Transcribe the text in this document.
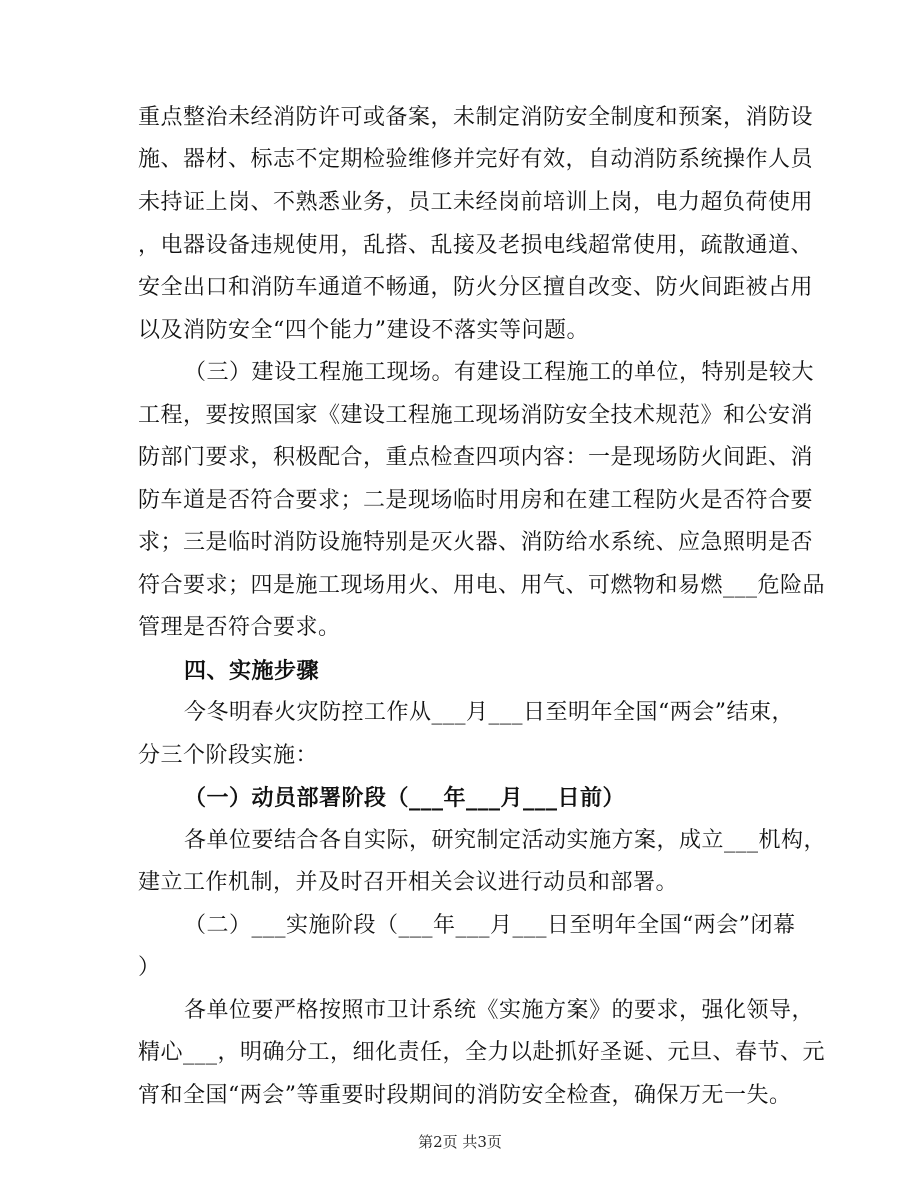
重点整治未经消防许可或备案，未制定消防安全制度和预案，消防设
施、器材、标志不定期检验维修并完好有效，自动消防系统操作人员
未持证上岗、不熟悉业务，员工未经岗前培训上岗，电力超负荷使用
，电器设备违规使用，乱搭、乱接及老损电线超常使用，疏散通道、
安全出口和消防车通道不畅通，防火分区擅自改变、防火间距被占用
以及消防安全“四个能力”建设不落实等问题。
（三）建设工程施工现场。有建设工程施工的单位，特别是较大
工程，要按照国家《建设工程施工现场消防安全技术规范》和公安消
防部门要求，积极配合，重点检查四项内容：一是现场防火间距、消
防车道是否符合要求；二是现场临时用房和在建工程防火是否符合要
求；三是临时消防设施特别是灭火器、消防给水系统、应急照明是否
符合要求；四是施工现场用火、用电、用气、可燃物和易燃___危险品
管理是否符合要求。
四、实施步骤
今冬明春火灾防控工作从___月___日至明年全国“两会”结束，
分三个阶段实施：
（一）动员部署阶段（___年___月___日前）
各单位要结合各自实际，研究制定活动实施方案，成立___机构，
建立工作机制，并及时召开相关会议进行动员和部署。
（二）___实施阶段（___年___月___日至明年全国“两会”闭幕
）
各单位要严格按照市卫计系统《实施方案》的要求，强化领导，
精心___，明确分工，细化责任，全力以赴抓好圣诞、元旦、春节、元
宵和全国“两会”等重要时段期间的消防安全检查，确保万无一失。
第2页 共3页
